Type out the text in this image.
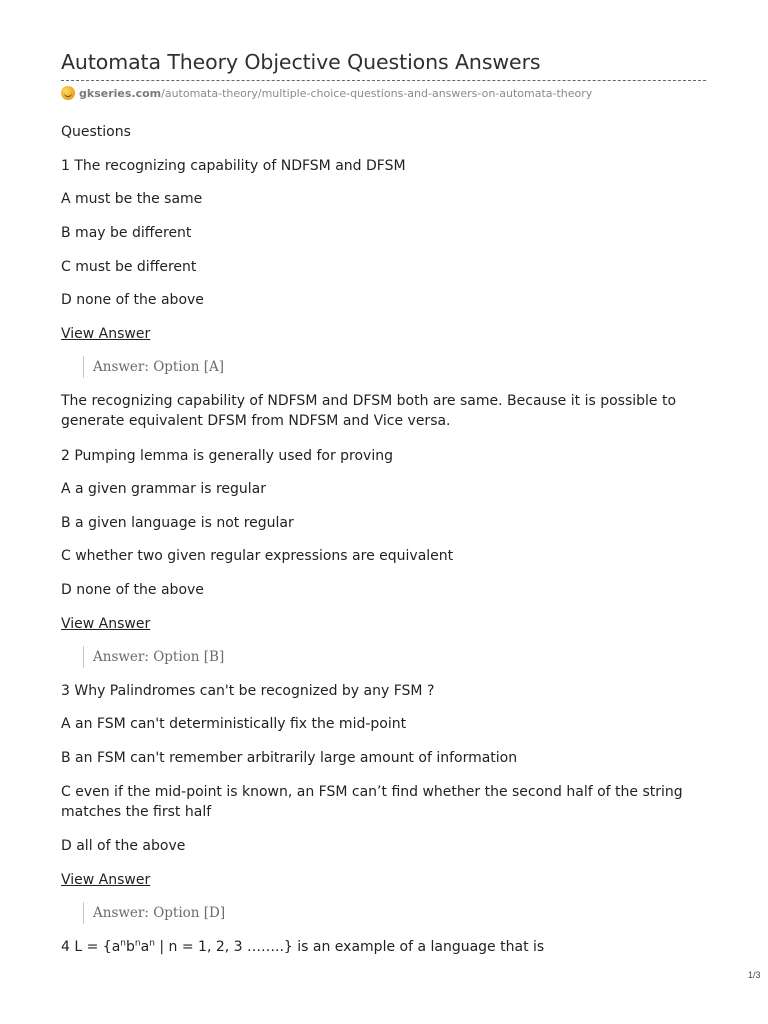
Automata Theory Objective Questions Answers
gkseries.com /automata-theory/multiple-choice-questions-and-answers-on-automata-theory

Questions

1 The recognizing capability of NDFSM and DFSM

A must be the same

B may be different

C must be different

D none of the above

View Answer

Answer: Option [A]

The recognizing capability of NDFSM and DFSM both are same. Because it is possible to generate equivalent DFSM from NDFSM and Vice versa.

2 Pumping lemma is generally used for proving

A a given grammar is regular

B a given language is not regular

C whether two given regular expressions are equivalent

D none of the above

View Answer

Answer: Option [B]

3 Why Palindromes can't be recognized by any FSM ?

A an FSM can't deterministically fix the mid-point

B an FSM can't remember arbitrarily large amount of information

C even if the mid-point is known, an FSM can’t find whether the second half of the string matches the first half

D all of the above

View Answer

Answer: Option [D]

4 $L = \{a^nb^na^n$ | n = 1, 2, 3 ……..} is an example of a language that is

1/3
